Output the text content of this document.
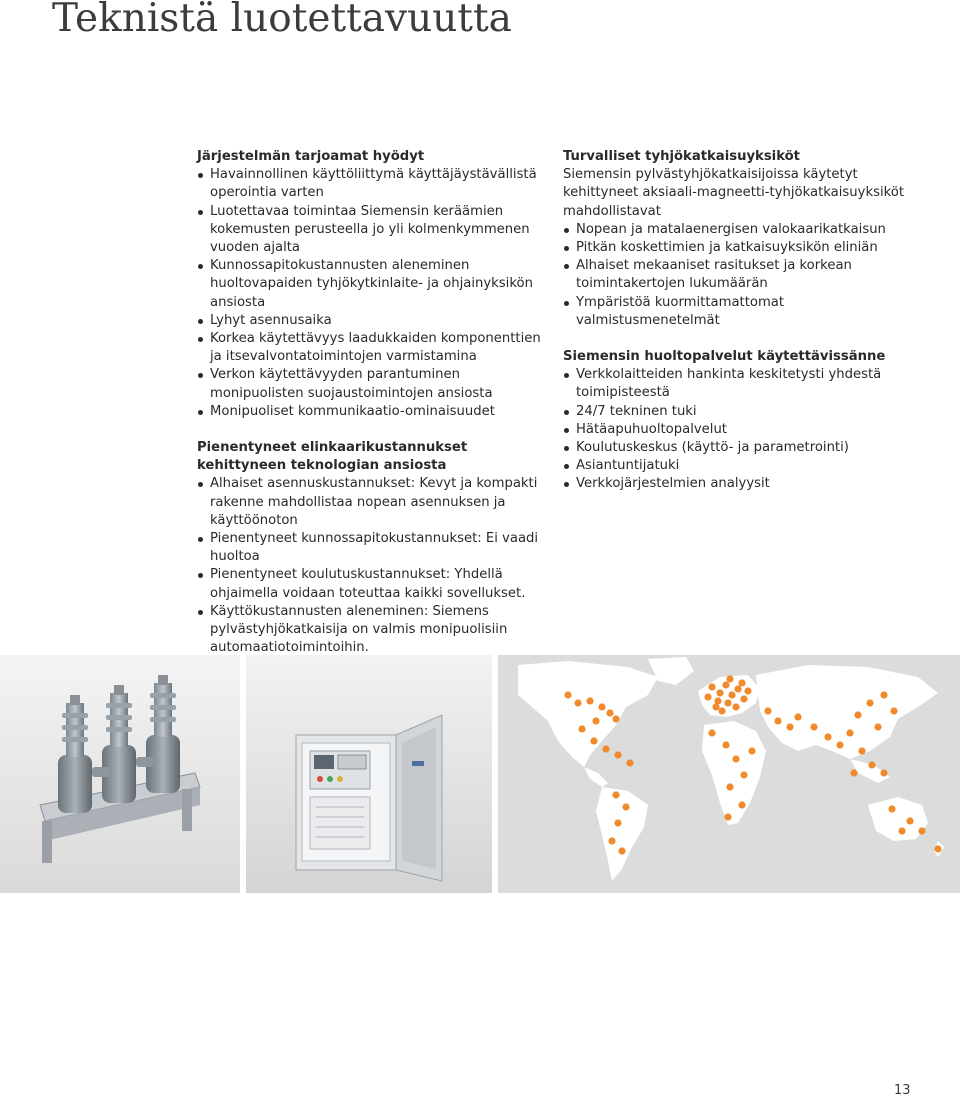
Teknistä luotettavuutta

Järjestelmän tarjoamat hyödyt

Havainnollinen käyttöliittymä käyttäjäystävällistä operointia varten
Luotettavaa toimintaa Siemensin keräämien kokemusten perusteella jo yli kolmenkymmenen vuoden ajalta
Kunnossapitokustannusten aleneminen huoltovapaiden tyhjökytkinlaite- ja ohjainyksikön ansiosta
Lyhyt asennusaika
Korkea käytettävyys laadukkaiden komponenttien ja itsevalvontatoimintojen varmistamina
Verkon käytettävyyden parantuminen monipuolisten suojaustoimintojen ansiosta
Monipuoliset kommunikaatio-ominaisuudet

Pienentyneet elinkaarikustannukset kehittyneen teknologian ansiosta

Alhaiset asennuskustannukset: Kevyt ja kompakti rakenne mahdollistaa nopean asennuksen ja käyttöönoton
Pienentyneet kunnossapitokustannukset: Ei vaadi huoltoa
Pienentyneet koulutuskustannukset: Yhdellä ohjaimella voidaan toteuttaa kaikki sovellukset.
Käyttökustannusten aleneminen: Siemens pylvästyhjökatkaisija on valmis monipuolisiin automaatiotoimintoihin.

Turvalliset tyhjökatkaisuyksiköt

Siemensin pylvästyhjökatkaisijoissa käytetyt kehittyneet aksiaali-magneetti-tyhjökatkaisuyksiköt mahdollistavat

Nopean ja matalaenergisen valokaarikatkaisun
Pitkän koskettimien ja katkaisuyksikön eliniän
Alhaiset mekaaniset rasitukset ja korkean toimintakertojen lukumäärän
Ympäristöä kuormittamattomat valmistusmenetelmät

Siemensin huoltopalvelut käytettävissänne

Verkkolaitteiden hankinta keskitetysti yhdestä toimipisteestä
24/7 tekninen tuki
Hätäapuhuoltopalvelut
Koulutuskeskus (käyttö- ja parametrointi)
Asiantuntijatuki
Verkkojärjestelmien analyysit
13
